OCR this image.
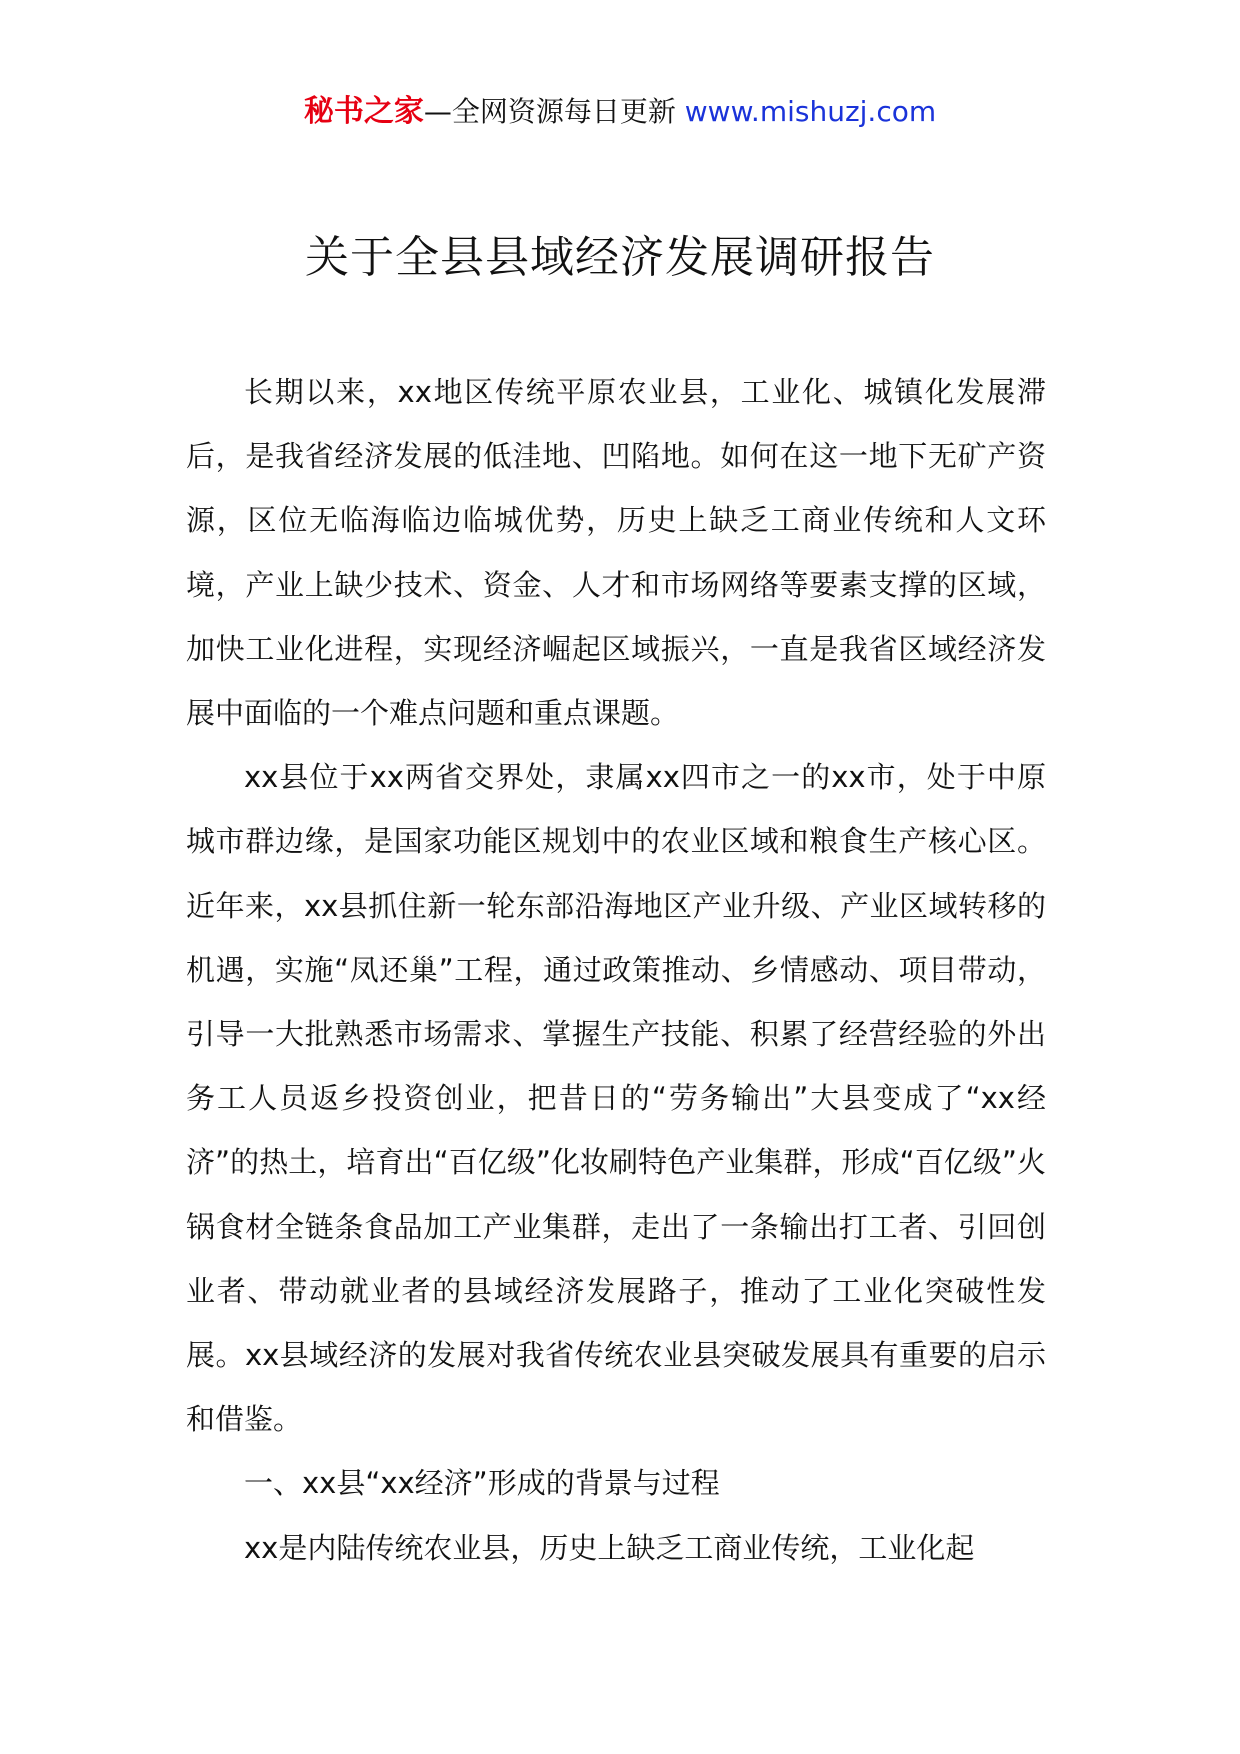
秘书之家—全网资源每日更新 www.mishuzj.com
关于全县县域经济发展调研报告

长期以来，xx地区传统平原农业县，工业化、城镇化发展滞后，是我省经济发展的低洼地、凹陷地。如何在这一地下无矿产资源，区位无临海临边临城优势，历史上缺乏工商业传统和人文环境，产业上缺少技术、资金、人才和市场网络等要素支撑的区域，加快工业化进程，实现经济崛起区域振兴，一直是我省区域经济发展中面临的一个难点问题和重点课题。

xx县位于xx两省交界处，隶属xx四市之一的xx市，处于中原城市群边缘，是国家功能区规划中的农业区域和粮食生产核心区。近年来，xx县抓住新一轮东部沿海地区产业升级、产业区域转移的机遇，实施“凤还巢”工程，通过政策推动、乡情感动、项目带动，引导一大批熟悉市场需求、掌握生产技能、积累了经营经验的外出务工人员返乡投资创业，把昔日的“劳务输出”大县变成了“xx经济”的热土，培育出“百亿级”化妆刷特色产业集群，形成“百亿级”火锅食材全链条食品加工产业集群，走出了一条输出打工者、引回创业者、带动就业者的县域经济发展路子，推动了工业化突破性发展。xx县域经济的发展对我省传统农业县突破发展具有重要的启示和借鉴。

一、xx县“xx经济”形成的背景与过程

xx是内陆传统农业县，历史上缺乏工商业传统，工业化起
